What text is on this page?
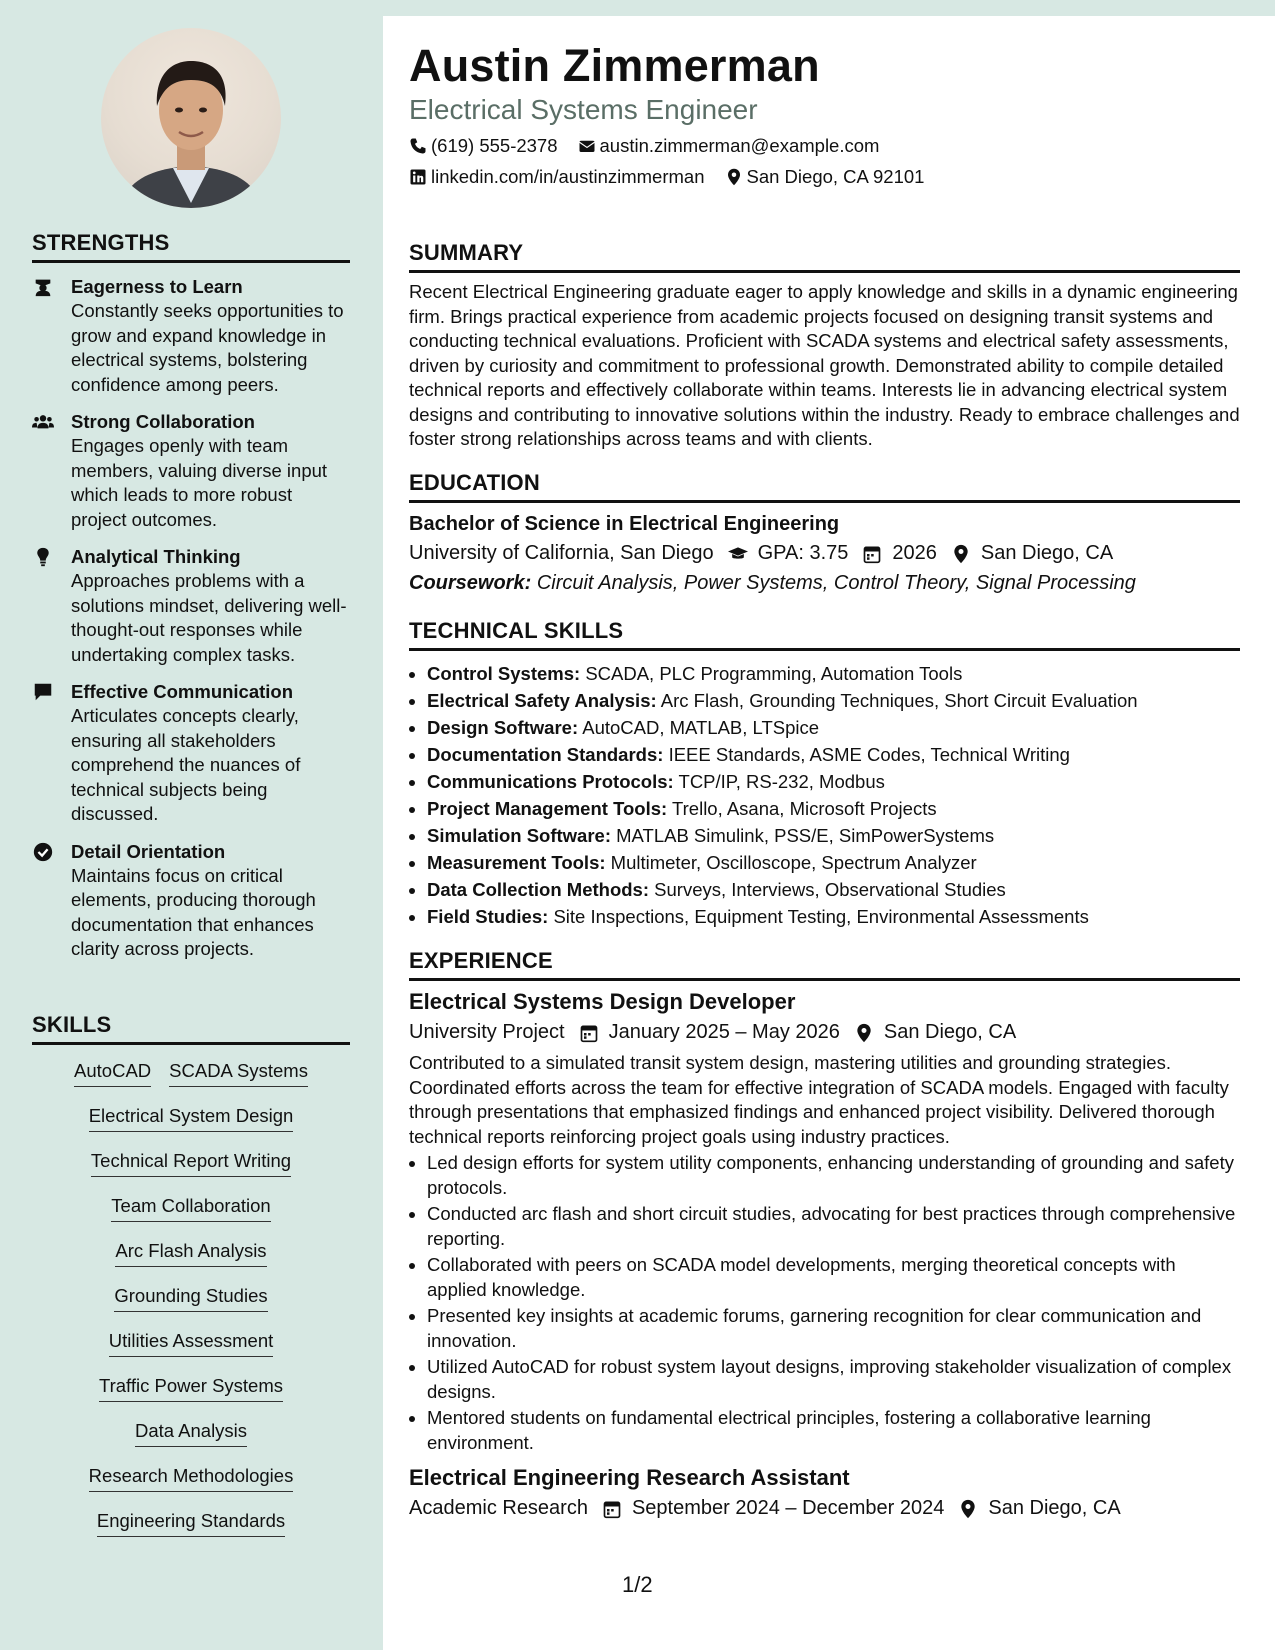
STRENGTHS
Eagerness to Learn
Constantly seeks opportunities to grow and expand knowledge in electrical systems, bolstering confidence among peers.
Strong Collaboration
Engages openly with team members, valuing diverse input which leads to more robust project outcomes.
Analytical Thinking
Approaches problems with a solutions mindset, delivering well-thought-out responses while undertaking complex tasks.
Effective Communication
Articulates concepts clearly, ensuring all stakeholders comprehend the nuances of technical subjects being discussed.
Detail Orientation
Maintains focus on critical elements, producing thorough documentation that enhances clarity across projects.
SKILLS
AutoCAD SCADA Systems
Electrical System Design
Technical Report Writing
Team Collaboration
Arc Flash Analysis
Grounding Studies
Utilities Assessment
Traffic Power Systems
Data Analysis
Research Methodologies
Engineering Standards
Austin Zimmerman
Electrical Systems Engineer
(619) 555-2378 austin.zimmerman@example.com
linkedin.com/in/austinzimmerman San Diego, CA 92101
SUMMARY
Recent Electrical Engineering graduate eager to apply knowledge and skills in a dynamic engineering firm. Brings practical experience from academic projects focused on designing transit systems and conducting technical evaluations. Proficient with SCADA systems and electrical safety assessments, driven by curiosity and commitment to professional growth. Demonstrated ability to compile detailed technical reports and effectively collaborate within teams. Interests lie in advancing electrical system designs and contributing to innovative solutions within the industry. Ready to embrace challenges and foster strong relationships across teams and with clients.
EDUCATION
Bachelor of Science in Electrical Engineering
University of California, San Diego GPA: 3.75 2026 San Diego, CA
Coursework: Circuit Analysis, Power Systems, Control Theory, Signal Processing
TECHNICAL SKILLS
• Control Systems: SCADA, PLC Programming, Automation Tools
• Electrical Safety Analysis: Arc Flash, Grounding Techniques, Short Circuit Evaluation
• Design Software: AutoCAD, MATLAB, LTSpice
• Documentation Standards: IEEE Standards, ASME Codes, Technical Writing
• Communications Protocols: TCP/IP, RS-232, Modbus
• Project Management Tools: Trello, Asana, Microsoft Projects
• Simulation Software: MATLAB Simulink, PSS/E, SimPowerSystems
• Measurement Tools: Multimeter, Oscilloscope, Spectrum Analyzer
• Data Collection Methods: Surveys, Interviews, Observational Studies
• Field Studies: Site Inspections, Equipment Testing, Environmental Assessments
EXPERIENCE
Electrical Systems Design Developer
University Project January 2025 – May 2026 San Diego, CA
Contributed to a simulated transit system design, mastering utilities and grounding strategies. Coordinated efforts across the team for effective integration of SCADA models. Engaged with faculty through presentations that emphasized findings and enhanced project visibility. Delivered thorough technical reports reinforcing project goals using industry practices.
• Led design efforts for system utility components, enhancing understanding of grounding and safety protocols.
• Conducted arc flash and short circuit studies, advocating for best practices through comprehensive reporting.
• Collaborated with peers on SCADA model developments, merging theoretical concepts with applied knowledge.
• Presented key insights at academic forums, garnering recognition for clear communication and innovation.
• Utilized AutoCAD for robust system layout designs, improving stakeholder visualization of complex designs.
• Mentored students on fundamental electrical principles, fostering a collaborative learning environment.
Electrical Engineering Research Assistant
Academic Research September 2024 – December 2024 San Diego, CA
1/2
